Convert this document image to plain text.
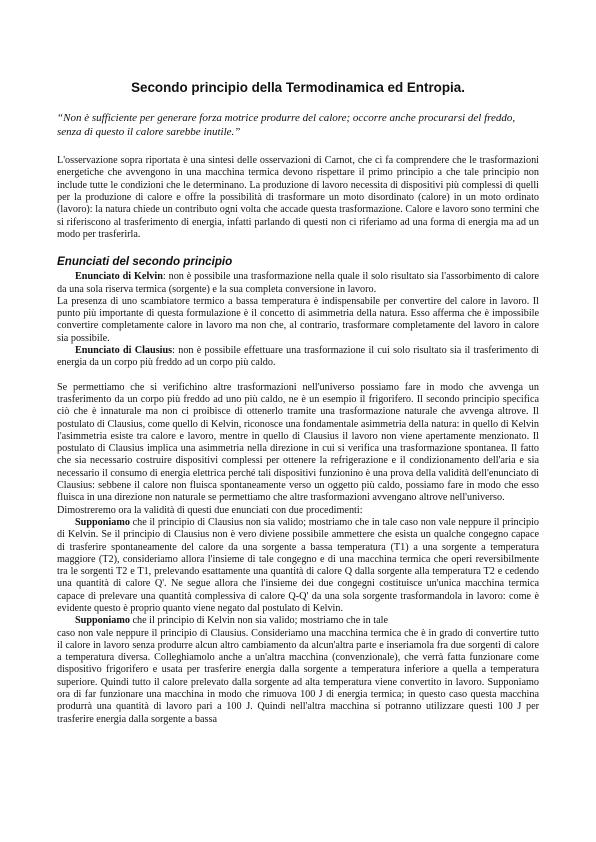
Secondo principio della Termodinamica ed Entropia.
“Non è sufficiente per generare forza motrice produrre del calore; occorre anche procurarsi del freddo, senza di questo il calore sarebbe inutile.”

L'osservazione sopra riportata è una sintesi delle osservazioni di Carnot, che ci fa comprendere che le trasformazioni energetiche che avvengono in una macchina termica devono rispettare il primo principio a che tale principio non include tutte le condizioni che le determinano. La produzione di lavoro necessita di dispositivi più complessi di quelli per la produzione di calore e offre la possibilità di trasformare un moto disordinato (calore) in un moto ordinato (lavoro): la natura chiede un contributo ogni volta che accade questa trasformazione. Calore e lavoro sono termini che si riferiscono al trasferimento di energia, infatti parlando di questi non ci riferiamo ad una forma di energia ma ad un modo per trasferirla.

Enunciati del secondo principio

Enunciato di Kelvin: non è possibile una trasformazione nella quale il solo risultato sia l'assorbimento di calore da una sola riserva termica (sorgente) e la sua completa conversione in lavoro.

La presenza di uno scambiatore termico a bassa temperatura è indispensabile per convertire del calore in lavoro. Il punto più importante di questa formulazione è il concetto di asimmetria della natura. Esso afferma che è impossibile convertire completamente calore in lavoro ma non che, al contrario, trasformare completamente del lavoro in calore sia possibile.

Enunciato di Clausius: non è possibile effettuare una trasformazione il cui solo risultato sia il trasferimento di energia da un corpo più freddo ad un corpo più caldo.

Se permettiamo che si verifichino altre trasformazioni nell'universo possiamo fare in modo che avvenga un trasferimento da un corpo più freddo ad uno più caldo, ne è un esempio il frigorifero. Il secondo principio specifica ciò che è innaturale ma non ci proibisce di ottenerlo tramite una trasformazione naturale che avvenga altrove. Il postulato di Clausius, come quello di Kelvin, riconosce una fondamentale asimmetria della natura: in quello di Kelvin l'asimmetria esiste tra calore e lavoro, mentre in quello di Clausius il lavoro non viene apertamente menzionato. Il postulato di Clausius implica una asimmetria nella direzione in cui si verifica una trasformazione spontanea. Il fatto che sia necessario costruire dispositivi complessi per ottenere la refrigerazione e il condizionamento dell'aria e sia necessario il consumo di energia elettrica perché tali dispositivi funzionino è una prova della validità dell'enunciato di Clausius: sebbene il calore non fluisca spontaneamente verso un oggetto più caldo, possiamo fare in modo che esso fluisca in una direzione non naturale se permettiamo che altre trasformazioni avvengano altrove nell'universo.

Dimostreremo ora la validità di questi due enunciati con due procedimenti:

Supponiamo che il principio di Clausius non sia valido; mostriamo che in tale caso non vale neppure il principio di Kelvin. Se il principio di Clausius non è vero diviene possibile ammettere che esista un qualche congegno capace di trasferire spontaneamente del calore da una sorgente a bassa temperatura (T1) a una sorgente a temperatura maggiore (T2), consideriamo allora l'insieme di tale congegno e di una macchina termica che operi reversibilmente tra le sorgenti T2 e T1, prelevando esattamente una quantità di calore Q dalla sorgente alla temperatura T2 e cedendo una quantità di calore Q'. Ne segue allora che l'insieme dei due congegni costituisce un'unica macchina termica capace di prelevare una quantità complessiva di calore Q-Q' da una sola sorgente trasformandola in lavoro: come è evidente questo è proprio quanto viene negato dal postulato di Kelvin.

Supponiamo che il principio di Kelvin non sia valido; mostriamo che in tale

caso non vale neppure il principio di Clausius. Consideriamo una macchina termica che è in grado di convertire tutto il calore in lavoro senza produrre alcun altro cambiamento da alcun'altra parte e inseriamola fra due sorgenti di calore a temperatura diversa. Colleghiamolo anche a un'altra macchina (convenzionale), che verrà fatta funzionare come dispositivo frigorifero e usata per trasferire energia dalla sorgente a temperatura inferiore a quella a temperatura superiore. Quindi tutto il calore prelevato dalla sorgente ad alta temperatura viene convertito in lavoro. Supponiamo ora di far funzionare una macchina in modo che rimuova 100 J di energia termica; in questo caso questa macchina produrrà una quantità di lavoro pari a 100 J. Quindi nell'altra macchina si potranno utilizzare questi 100 J per trasferire energia dalla sorgente a bassa
